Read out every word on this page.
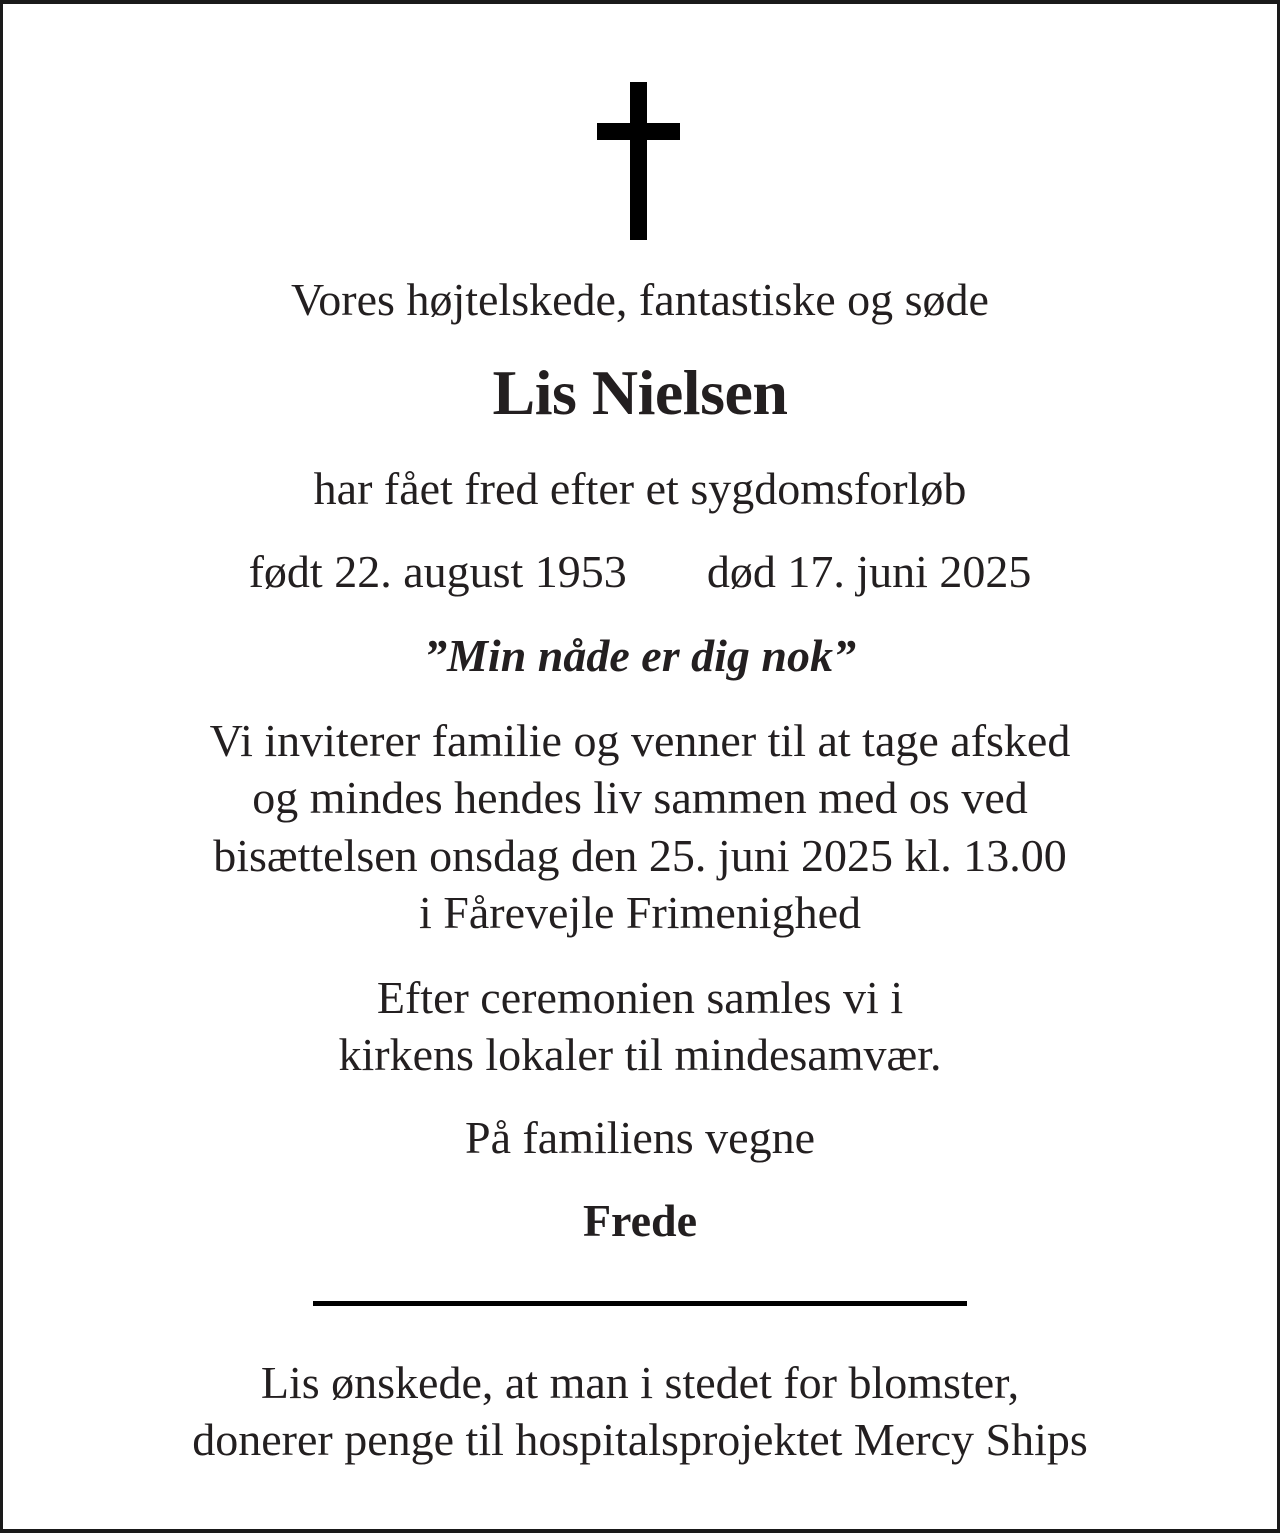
Vores højtelskede, fantastiske og søde
Lis Nielsen
har fået fred efter et sygdomsforløb
født 22. august 1953 død 17. juni 2025
”Min nåde er dig nok”
Vi inviterer familie og venner til at tage afsked
og mindes hendes liv sammen med os ved
bisættelsen onsdag den 25. juni 2025 kl. 13.00
i Fårevejle Frimenighed
Efter ceremonien samles vi i
kirkens lokaler til mindesamvær.
På familiens vegne
Frede
Lis ønskede, at man i stedet for blomster,
donerer penge til hospitalsprojektet Mercy Ships
